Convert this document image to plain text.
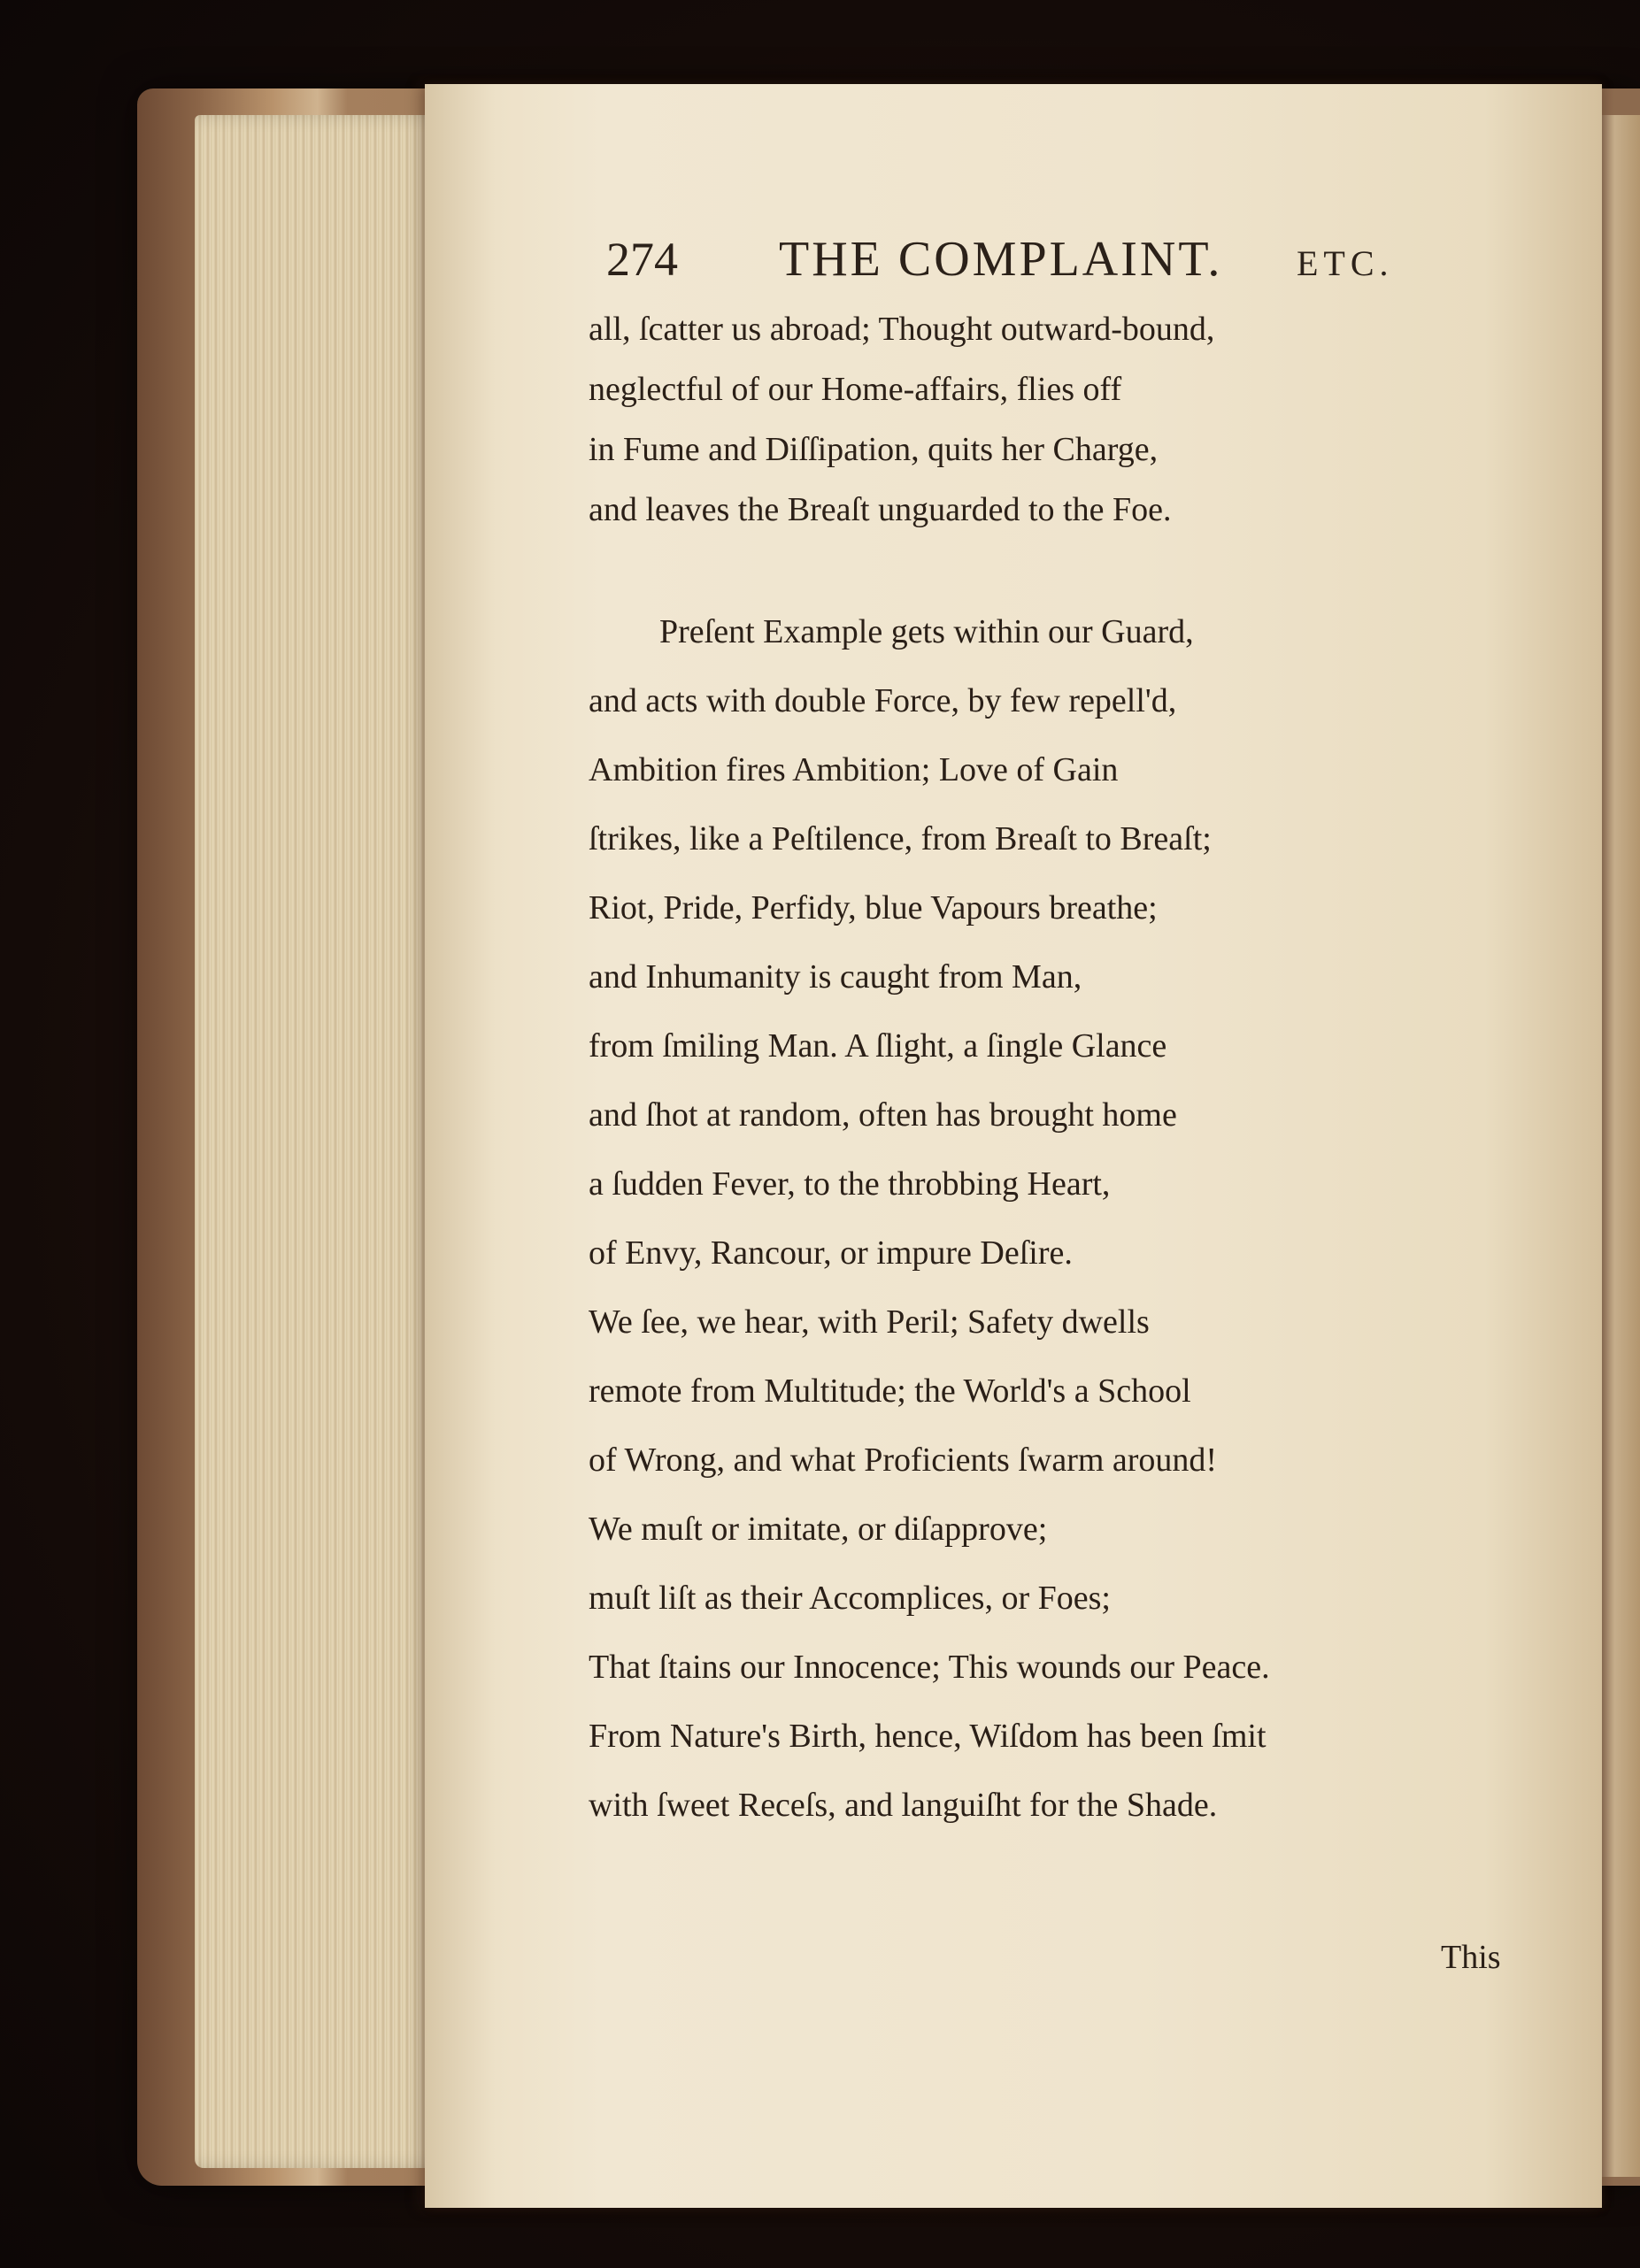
274 THE COMPLAINT. ETC.
all, ſcatter us abroad; Thought outward-bound,
neglectful of our Home-affairs, flies off
in Fume and Diſſipation, quits her Charge,
and leaves the Breaſt unguarded to the Foe.
Preſent Example gets within our Guard,
and acts with double Force, by few repell'd,
Ambition fires Ambition; Love of Gain
ſtrikes, like a Peſtilence, from Breaſt to Breaſt;
Riot, Pride, Perfidy, blue Vapours breathe;
and Inhumanity is caught from Man,
from ſmiling Man. A ſlight, a ſingle Glance
and ſhot at random, often has brought home
a ſudden Fever, to the throbbing Heart,
of Envy, Rancour, or impure Deſire.
We ſee, we hear, with Peril; Safety dwells
remote from Multitude; the World's a School
of Wrong, and what Proficients ſwarm around!
We muſt or imitate, or diſapprove;
muſt liſt as their Accomplices, or Foes;
That ſtains our Innocence; This wounds our Peace.
From Nature's Birth, hence, Wiſdom has been ſmit
with ſweet Receſs, and languiſht for the Shade.
This
